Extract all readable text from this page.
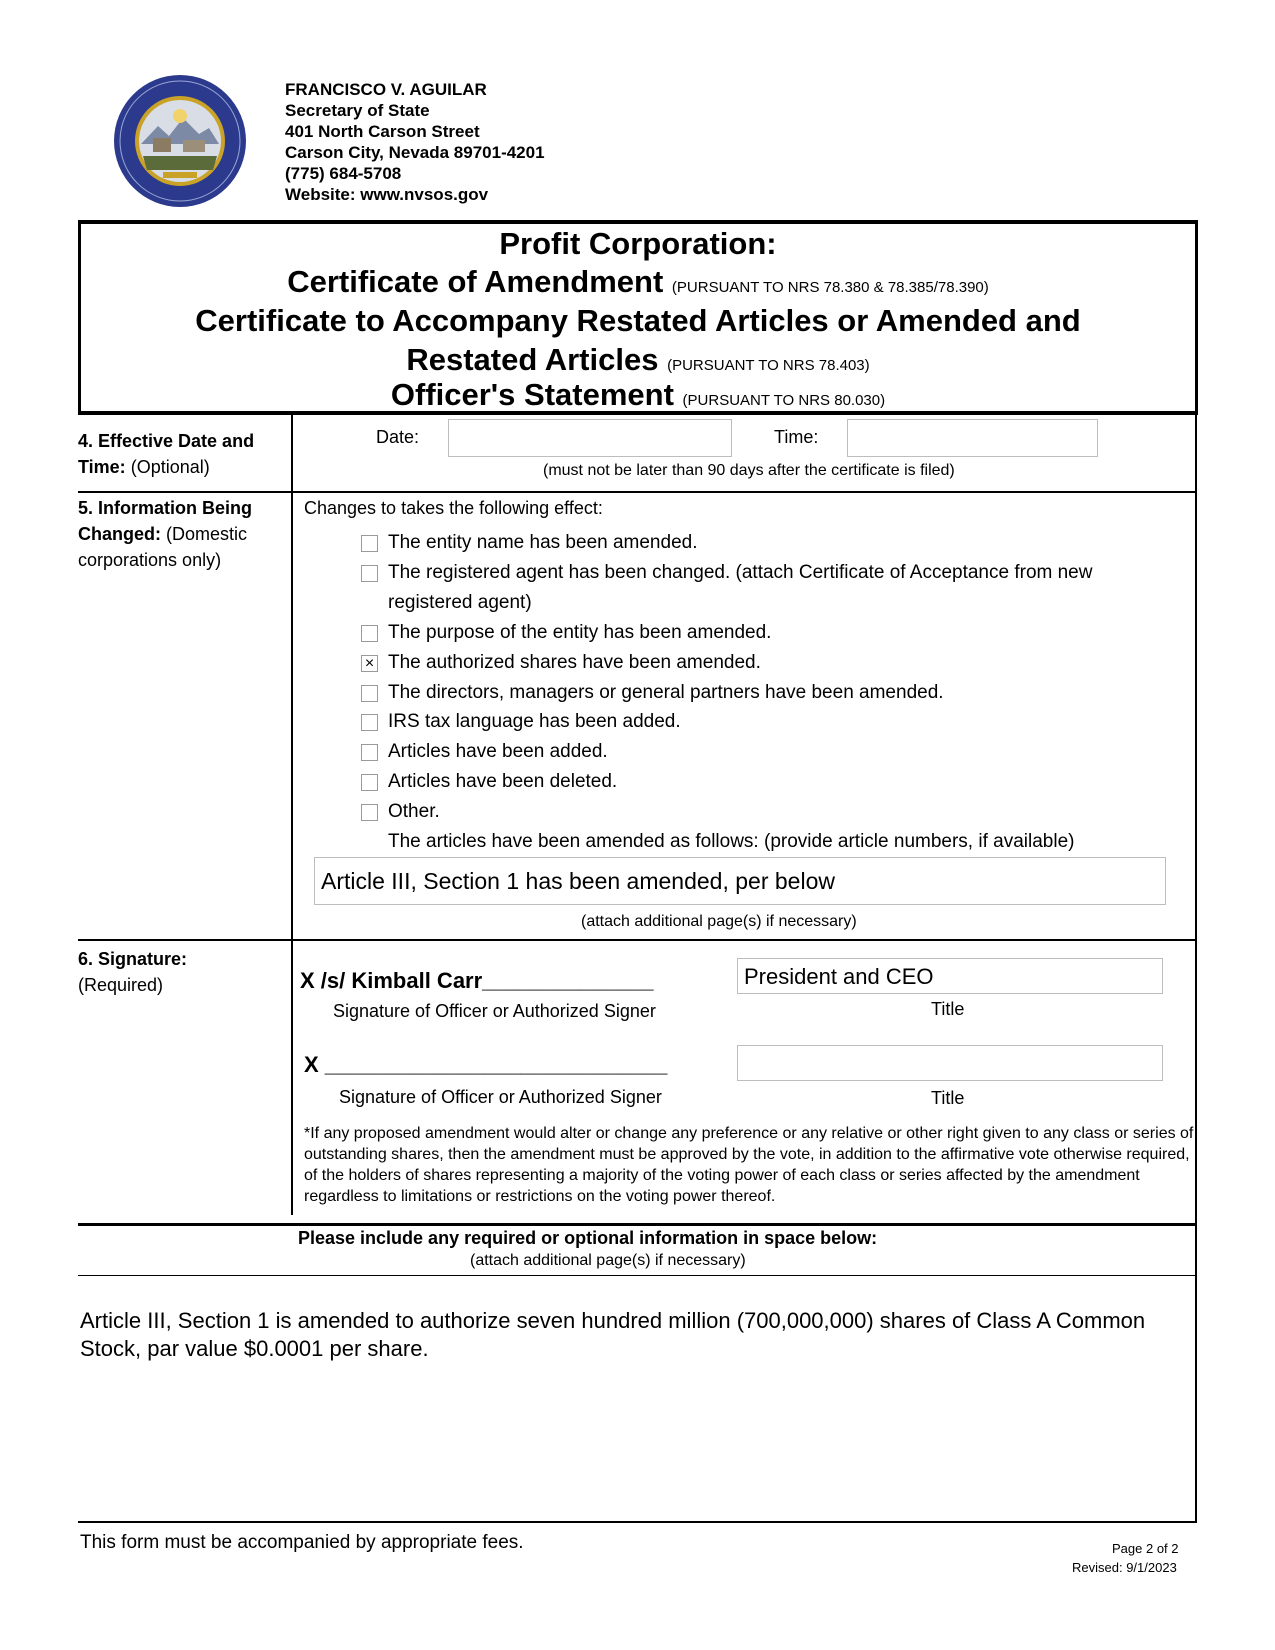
FRANCISCO V. AGUILAR
Secretary of State
401 North Carson Street
Carson City, Nevada 89701-4201
(775) 684-5708
Website: www.nvsos.gov
Profit Corporation:
Certificate of Amendment (PURSUANT TO NRS 78.380 & 78.385/78.390)
Certificate to Accompany Restated Articles or Amended and
Restated Articles (PURSUANT TO NRS 78.403)
Officer's Statement (PURSUANT TO NRS 80.030)
4. Effective Date and Time: (Optional)
Date:	Time:
(must not be later than 90 days after the certificate is filed)
5. Information Being Changed: (Domestic corporations only)
Changes to takes the following effect:
The entity name has been amended.
The registered agent has been changed. (attach Certificate of Acceptance from new
registered agent)
The purpose of the entity has been amended.
× The authorized shares have been amended.
The directors, managers or general partners have been amended.
IRS tax language has been added.
Articles have been added.
Articles have been deleted.
Other.
The articles have been amended as follows: (provide article numbers, if available)
Article III, Section 1 has been amended, per below
(attach additional page(s) if necessary)
6. Signature:
(Required)	X /s/ Kimball Carr______________
Signature of Officer or Authorized Signer
President and CEO
Title
X ____________________________
Signature of Officer or Authorized Signer	Title
*If any proposed amendment would alter or change any preference or any relative or other right given to any class or series of outstanding shares, then the amendment must be approved by the vote, in addition to the affirmative vote otherwise required, of the holders of shares representing a majority of the voting power of each class or series affected by the amendment regardless to limitations or restrictions on the voting power thereof.
Please include any required or optional information in space below:
(attach additional page(s) if necessary)
Article III, Section 1 is amended to authorize seven hundred million (700,000,000) shares of Class A Common Stock, par value $0.0001 per share.
This form must be accompanied by appropriate fees.	Page 2 of 2
Revised: 9/1/2023
